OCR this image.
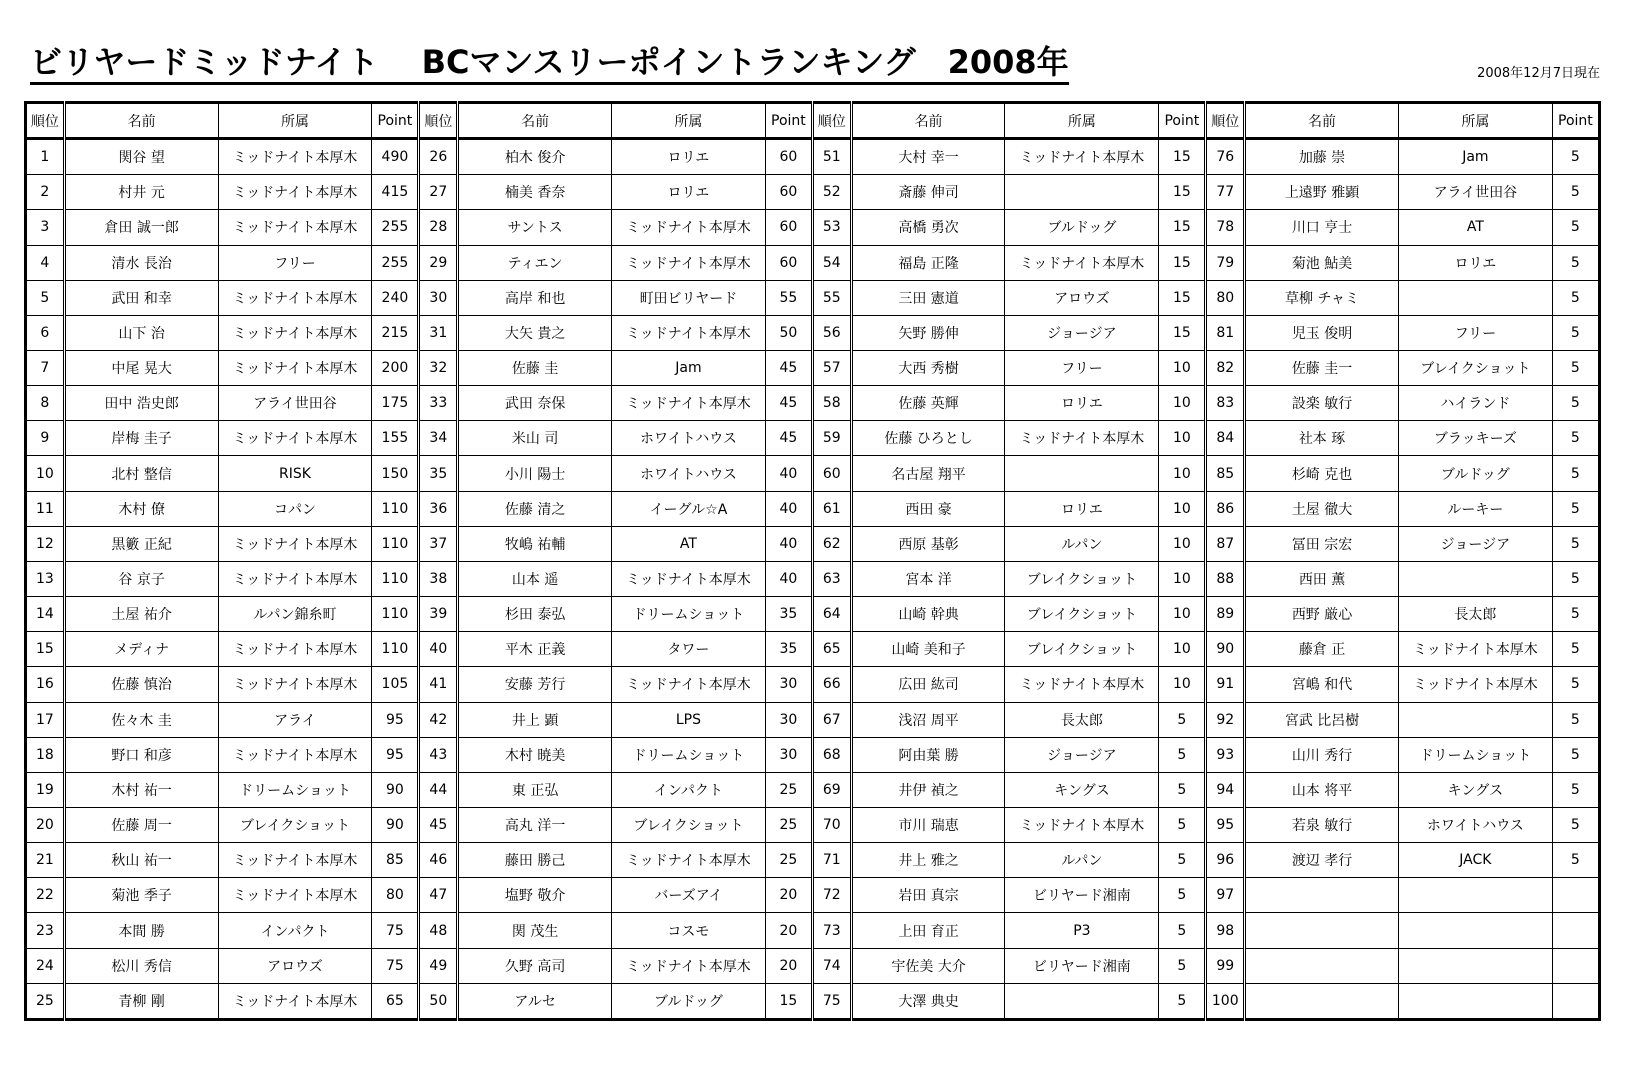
ビリヤードミッドナイト　 BCマンスリーポイントランキング　2008年	2008年12月7日現在
順位	名前	所属	Point	順位	名前	所属	Point	順位	名前	所属	Point	順位	名前	所属	Point
1	関谷 望	ミッドナイト本厚木	490	26	柏木 俊介	ロリエ	60	51	大村 幸一	ミッドナイト本厚木	15	76	加藤 崇	Jam	5
2	村井 元	ミッドナイト本厚木	415	27	楠美 香奈	ロリエ	60	52	斎藤 伸司		15	77	上遠野 雅顕	アライ世田谷	5
3	倉田 誠一郎	ミッドナイト本厚木	255	28	サントス	ミッドナイト本厚木	60	53	高橋 勇次	ブルドッグ	15	78	川口 亨士	AT	5
4	清水 長治	フリー	255	29	ティエン	ミッドナイト本厚木	60	54	福島 正隆	ミッドナイト本厚木	15	79	菊池 鮎美	ロリエ	5
5	武田 和幸	ミッドナイト本厚木	240	30	高岸 和也	町田ビリヤード	55	55	三田 憲道	アロウズ	15	80	草柳 チャミ		5
6	山下 治	ミッドナイト本厚木	215	31	大矢 貴之	ミッドナイト本厚木	50	56	矢野 勝伸	ジョージア	15	81	児玉 俊明	フリー	5
7	中尾 晃大	ミッドナイト本厚木	200	32	佐藤 圭	Jam	45	57	大西 秀樹	フリー	10	82	佐藤 圭一	ブレイクショット	5
8	田中 浩史郎	アライ世田谷	175	33	武田 奈保	ミッドナイト本厚木	45	58	佐藤 英輝	ロリエ	10	83	設楽 敏行	ハイランド	5
9	岸梅 圭子	ミッドナイト本厚木	155	34	米山 司	ホワイトハウス	45	59	佐藤 ひろとし	ミッドナイト本厚木	10	84	社本 琢	ブラッキーズ	5
10	北村 整信	RISK	150	35	小川 陽士	ホワイトハウス	40	60	名古屋 翔平		10	85	杉崎 克也	ブルドッグ	5
11	木村 僚	コパン	110	36	佐藤 清之	イーグル☆A	40	61	西田 豪	ロリエ	10	86	土屋 徹大	ルーキー	5
12	黒籔 正紀	ミッドナイト本厚木	110	37	牧嶋 祐輔	AT	40	62	西原 基彰	ルパン	10	87	冨田 宗宏	ジョージア	5
13	谷 京子	ミッドナイト本厚木	110	38	山本 遥	ミッドナイト本厚木	40	63	宮本 洋	ブレイクショット	10	88	西田 薫		5
14	土屋 祐介	ルパン錦糸町	110	39	杉田 泰弘	ドリームショット	35	64	山崎 幹典	ブレイクショット	10	89	西野 厳心	長太郎	5
15	メディナ	ミッドナイト本厚木	110	40	平木 正義	タワー	35	65	山崎 美和子	ブレイクショット	10	90	藤倉 正	ミッドナイト本厚木	5
16	佐藤 慎治	ミッドナイト本厚木	105	41	安藤 芳行	ミッドナイト本厚木	30	66	広田 紘司	ミッドナイト本厚木	10	91	宮嶋 和代	ミッドナイト本厚木	5
17	佐々木 圭	アライ	95	42	井上 顕	LPS	30	67	浅沼 周平	長太郎	5	92	宮武 比呂樹		5
18	野口 和彦	ミッドナイト本厚木	95	43	木村 暁美	ドリームショット	30	68	阿由葉 勝	ジョージア	5	93	山川 秀行	ドリームショット	5
19	木村 祐一	ドリームショット	90	44	東 正弘	インパクト	25	69	井伊 禎之	キングス	5	94	山本 将平	キングス	5
20	佐藤 周一	ブレイクショット	90	45	高丸 洋一	ブレイクショット	25	70	市川 瑞恵	ミッドナイト本厚木	5	95	若泉 敏行	ホワイトハウス	5
21	秋山 祐一	ミッドナイト本厚木	85	46	藤田 勝己	ミッドナイト本厚木	25	71	井上 雅之	ルパン	5	96	渡辺 孝行	JACK	5
22	菊池 季子	ミッドナイト本厚木	80	47	塩野 敬介	バーズアイ	20	72	岩田 真宗	ビリヤード湘南	5	97			
23	本間 勝	インパクト	75	48	関 茂生	コスモ	20	73	上田 育正	P3	5	98			
24	松川 秀信	アロウズ	75	49	久野 高司	ミッドナイト本厚木	20	74	宇佐美 大介	ビリヤード湘南	5	99			
25	青柳 剛	ミッドナイト本厚木	65	50	アルセ	ブルドッグ	15	75	大澤 典史		5	100			
